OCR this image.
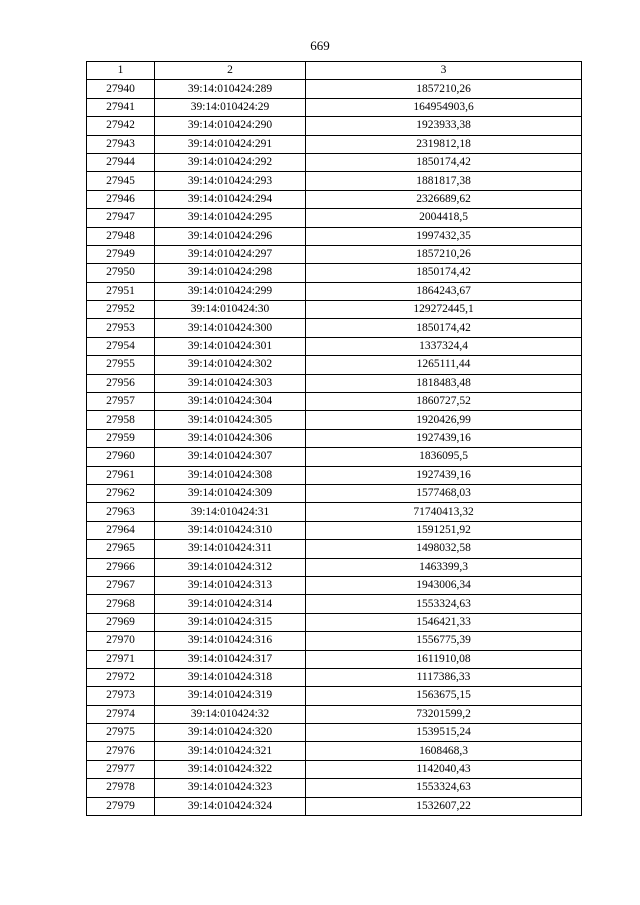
669
1	2	3
27940	39:14:010424:289	1857210,26
27941	39:14:010424:29	164954903,6
27942	39:14:010424:290	1923933,38
27943	39:14:010424:291	2319812,18
27944	39:14:010424:292	1850174,42
27945	39:14:010424:293	1881817,38
27946	39:14:010424:294	2326689,62
27947	39:14:010424:295	2004418,5
27948	39:14:010424:296	1997432,35
27949	39:14:010424:297	1857210,26
27950	39:14:010424:298	1850174,42
27951	39:14:010424:299	1864243,67
27952	39:14:010424:30	129272445,1
27953	39:14:010424:300	1850174,42
27954	39:14:010424:301	1337324,4
27955	39:14:010424:302	1265111,44
27956	39:14:010424:303	1818483,48
27957	39:14:010424:304	1860727,52
27958	39:14:010424:305	1920426,99
27959	39:14:010424:306	1927439,16
27960	39:14:010424:307	1836095,5
27961	39:14:010424:308	1927439,16
27962	39:14:010424:309	1577468,03
27963	39:14:010424:31	71740413,32
27964	39:14:010424:310	1591251,92
27965	39:14:010424:311	1498032,58
27966	39:14:010424:312	1463399,3
27967	39:14:010424:313	1943006,34
27968	39:14:010424:314	1553324,63
27969	39:14:010424:315	1546421,33
27970	39:14:010424:316	1556775,39
27971	39:14:010424:317	1611910,08
27972	39:14:010424:318	1117386,33
27973	39:14:010424:319	1563675,15
27974	39:14:010424:32	73201599,2
27975	39:14:010424:320	1539515,24
27976	39:14:010424:321	1608468,3
27977	39:14:010424:322	1142040,43
27978	39:14:010424:323	1553324,63
27979	39:14:010424:324	1532607,22
